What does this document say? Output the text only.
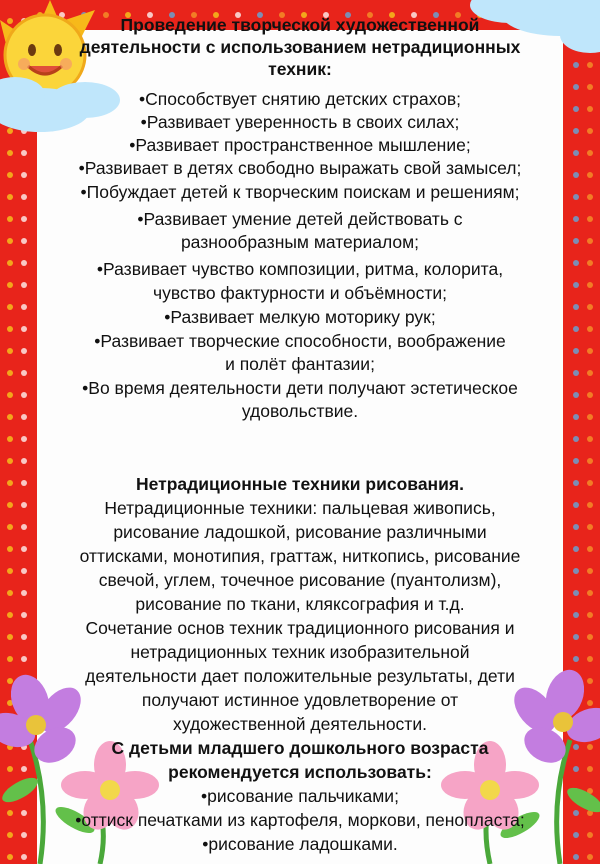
Проведение творческой художественной
деятельности с использованием нетрадиционных
техник:
•Способствует снятию детских страхов;
•Развивает уверенность в своих силах;
•Развивает пространственное мышление;
•Развивает в детях свободно выражать свой замысел;
•Побуждает детей к творческим поискам и решениям;
•Развивает умение детей действовать с
разнообразным материалом;
•Развивает чувство композиции, ритма, колорита,
чувство фактурности и объёмности;
•Развивает мелкую моторику рук;
•Развивает творческие способности, воображение
и полёт фантазии;
•Во время деятельности дети получают эстетическое
удовольствие.
Нетрадиционные техники рисования.
Нетрадиционные техники: пальцевая живопись,
рисование ладошкой, рисование различными
оттисками, монотипия, граттаж, ниткопись, рисование
свечой, углем, точечное рисование (пуантолизм),
рисование по ткани, кляксография и т.д.
Сочетание основ техник традиционного рисования и
нетрадиционных техник изобразительной
деятельности дает положительные результаты, дети
получают истинное удовлетворение от
художественной деятельности.
С детьми младшего дошкольного возраста
рекомендуется использовать:
•рисование пальчиками;
•оттиск печатками из картофеля, моркови, пенопласта;
•рисование ладошками.
